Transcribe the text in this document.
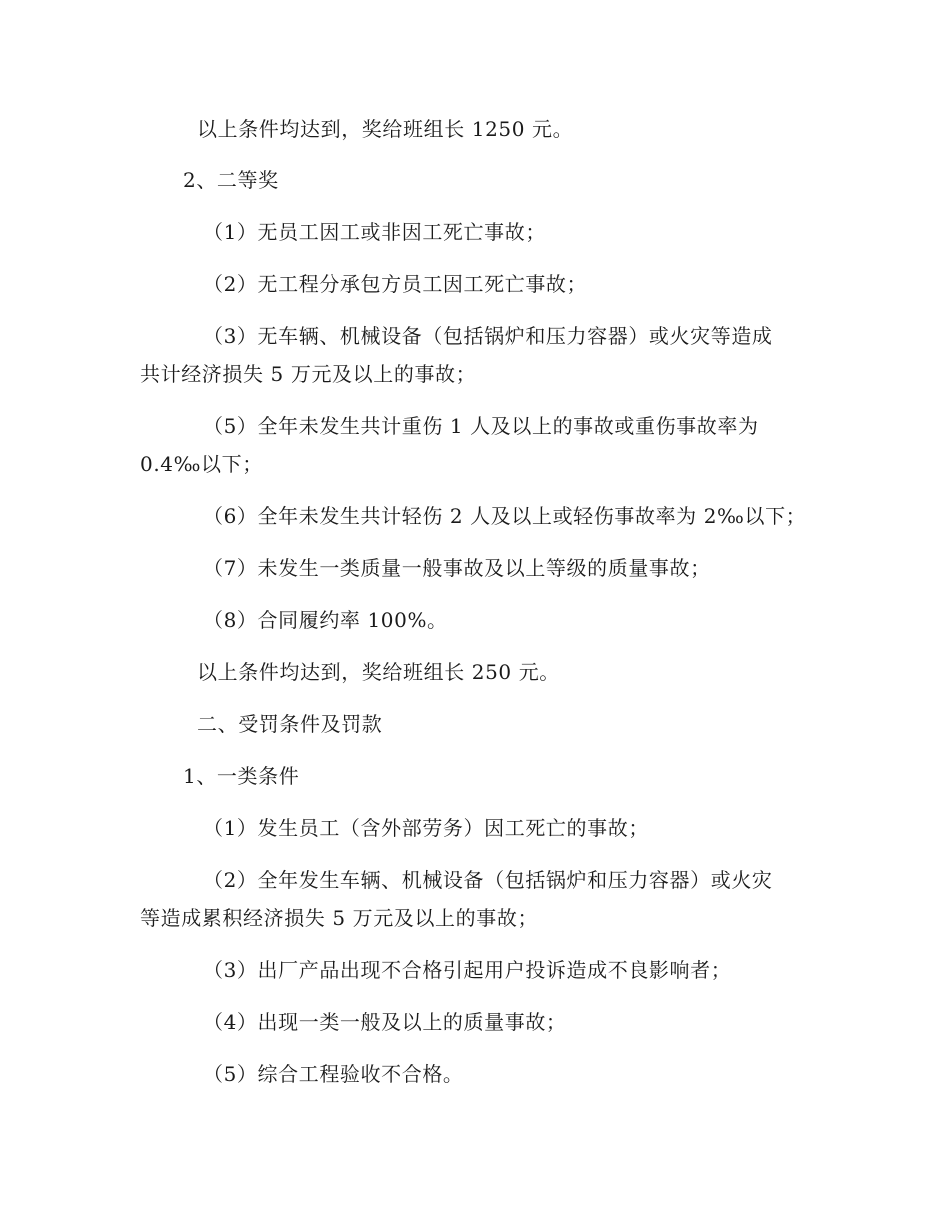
以上条件均达到，奖给班组长 1250 元。
2、二等奖
（1）无员工因工或非因工死亡事故；
（2）无工程分承包方员工因工死亡事故；
（3）无车辆、机械设备（包括锅炉和压力容器）或火灾等造成
共计经济损失 5 万元及以上的事故；
（5）全年未发生共计重伤 1 人及以上的事故或重伤事故率为
0.4‰以下；
（6）全年未发生共计轻伤 2 人及以上或轻伤事故率为 2‰以下；
（7）未发生一类质量一般事故及以上等级的质量事故；
（8）合同履约率 100%。
以上条件均达到，奖给班组长 250 元。
二、受罚条件及罚款
1、一类条件
（1）发生员工（含外部劳务）因工死亡的事故；
（2）全年发生车辆、机械设备（包括锅炉和压力容器）或火灾
等造成累积经济损失 5 万元及以上的事故；
（3）出厂产品出现不合格引起用户投诉造成不良影响者；
（4）出现一类一般及以上的质量事故；
（5）综合工程验收不合格。
